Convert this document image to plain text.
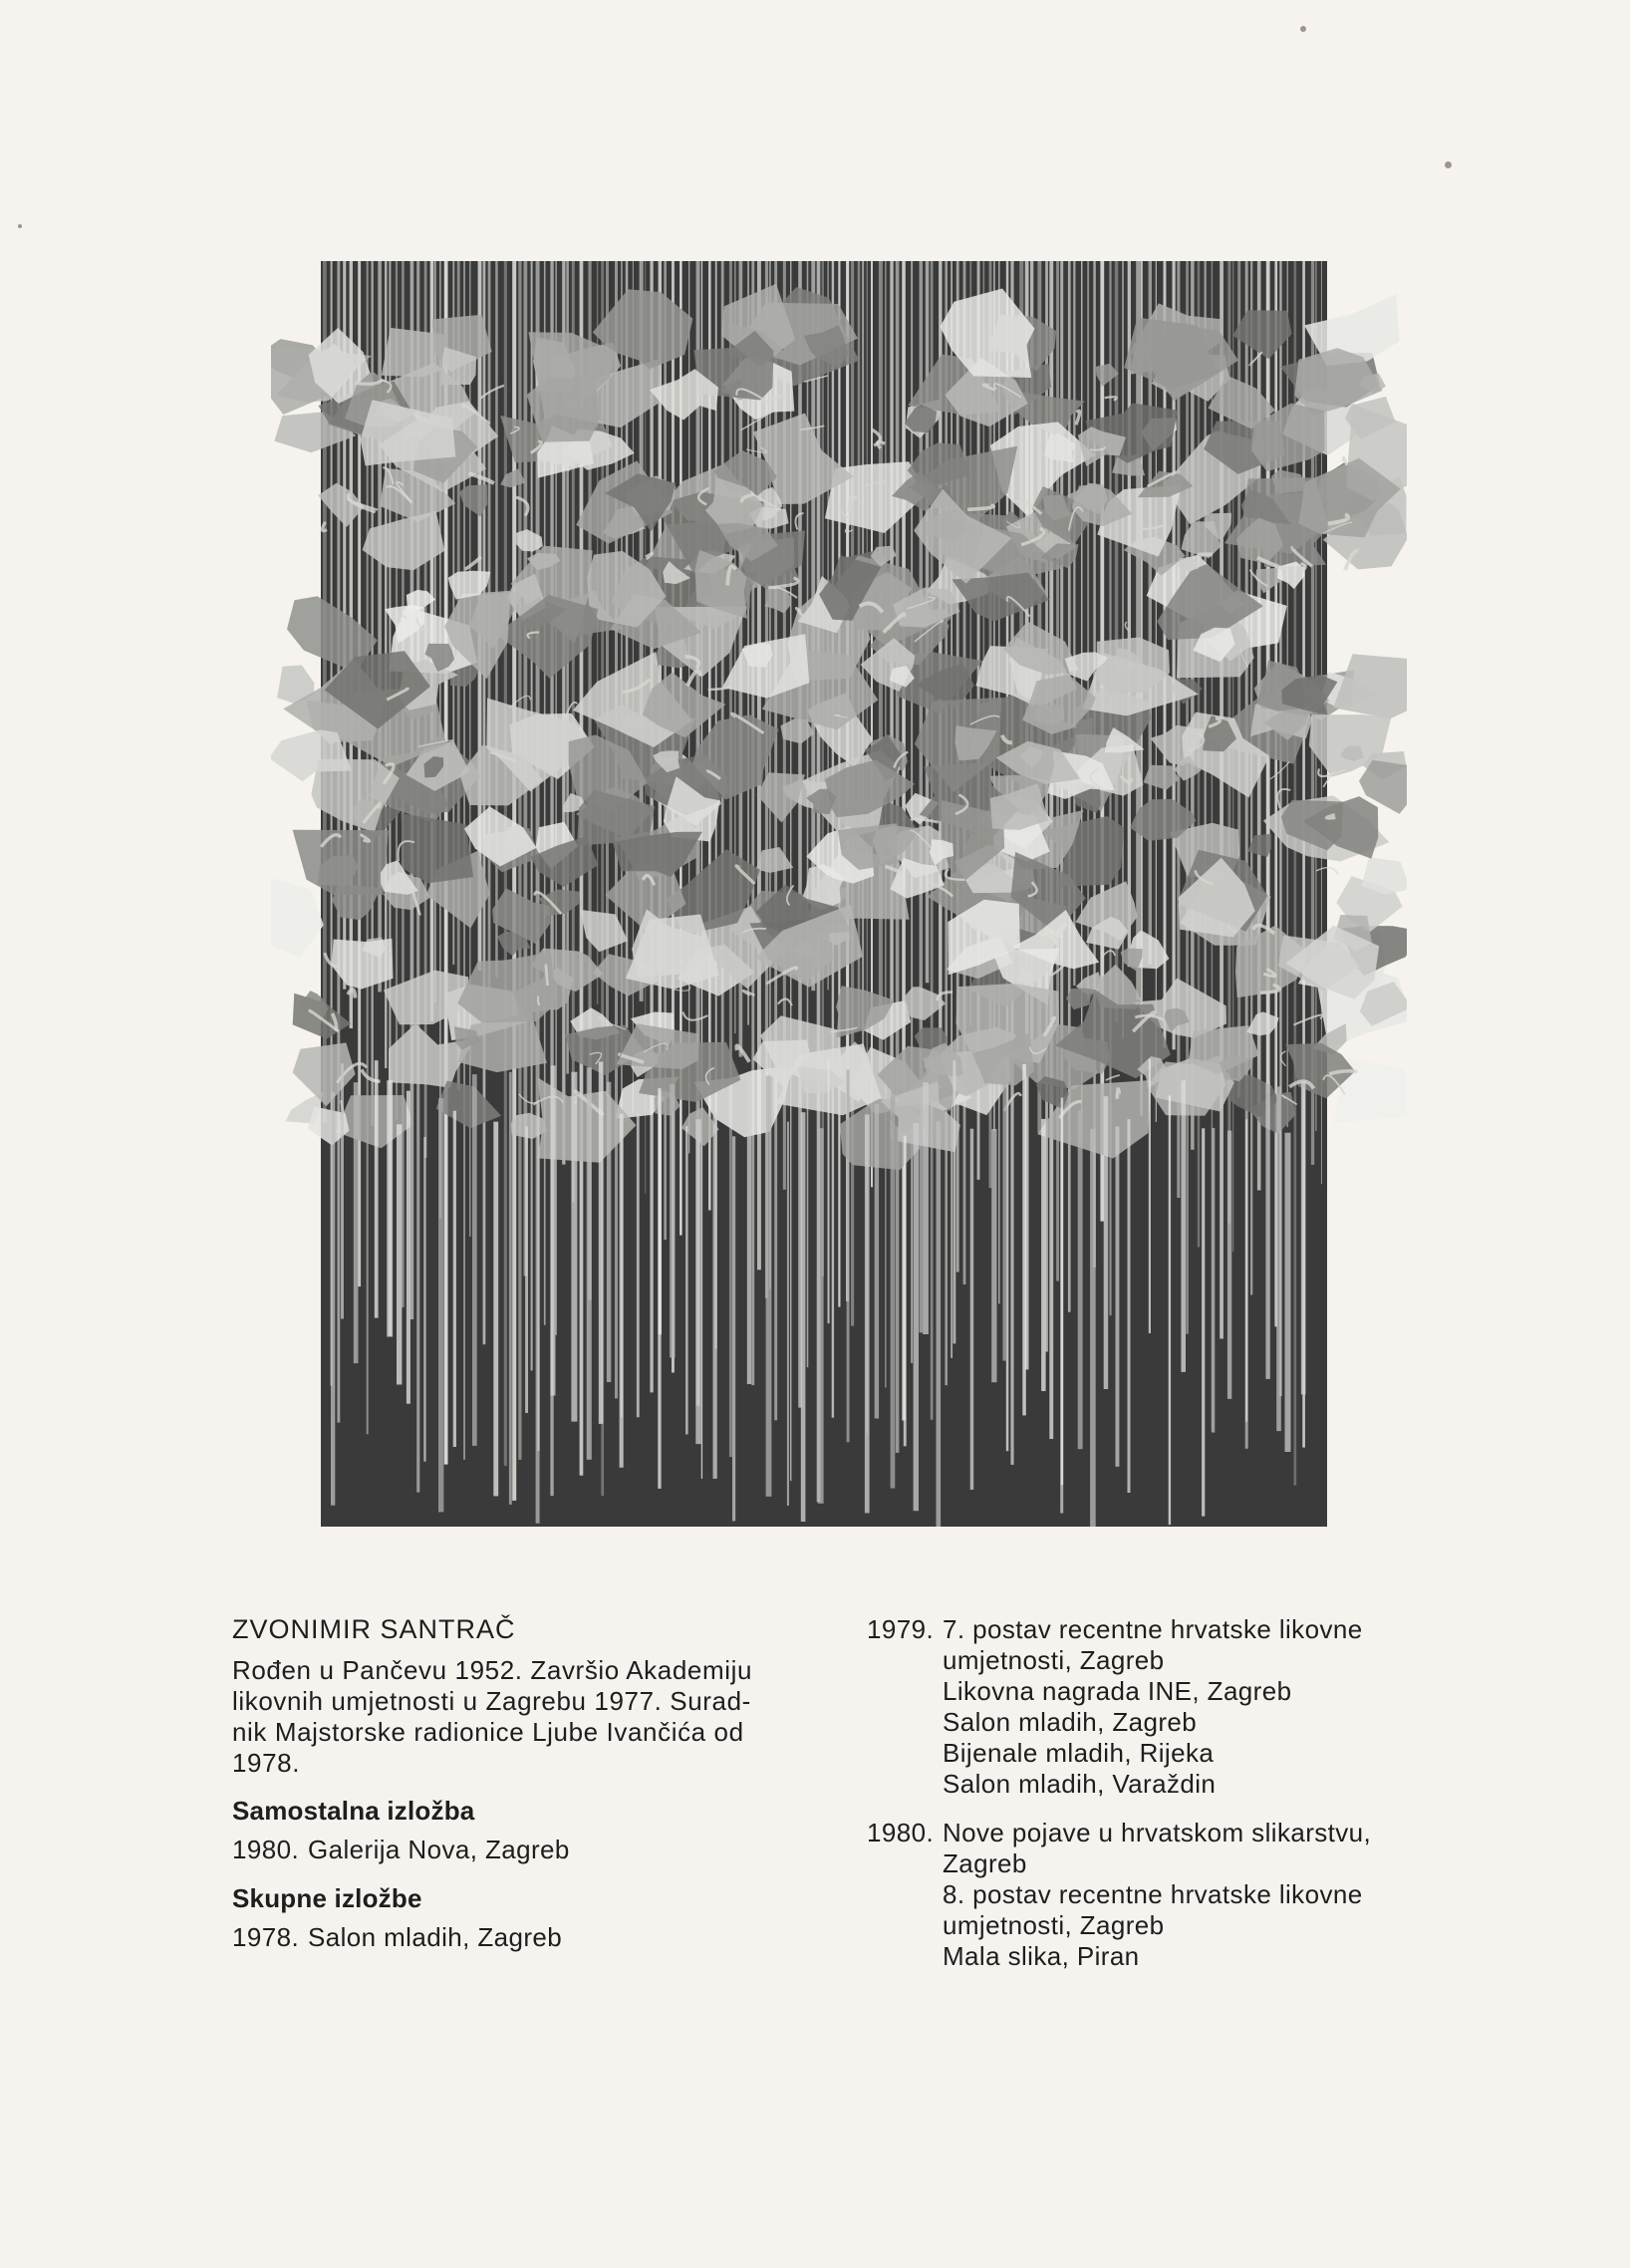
ZVONIMIR SANTRAČ
Rođen u Pančevu 1952. Završio Akademiju
likovnih umjetnosti u Zagrebu 1977. Surad-
nik Majstorske radionice Ljube Ivančića od
1978.
Samostalna izložba
1980. Galerija Nova, Zagreb
Skupne izložbe
1978. Salon mladih, Zagreb
1979. 7. postav recentne hrvatske likovne
umjetnosti, Zagreb
Likovna nagrada INE, Zagreb
Salon mladih, Zagreb
Bijenale mladih, Rijeka
Salon mladih, Varaždin
1980. Nove pojave u hrvatskom slikarstvu,
Zagreb
8. postav recentne hrvatske likovne
umjetnosti, Zagreb
Mala slika, Piran
